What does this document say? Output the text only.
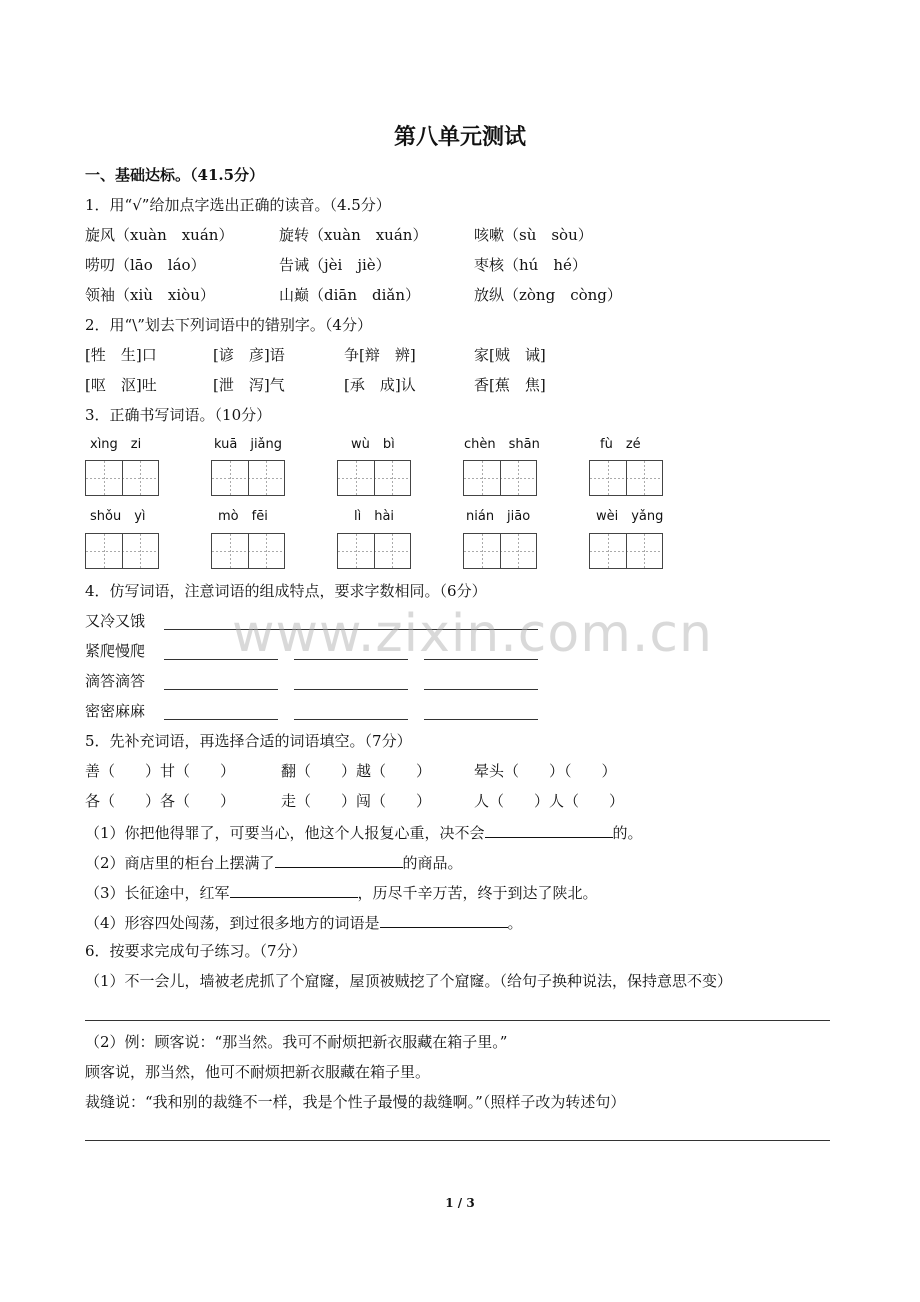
第八单元测试
一、基础达标。（41.5分）
1．用“√”给加点字选出正确的读音。（4.5分）
旋风（xuàn　xuán）	旋转（xuàn　xuán）	咳嗽（sù　sòu）
唠叨（lāo　láo）	告诫（jèi　jiè）	枣核（hú　hé）
领袖（xiù　xiòu）	山巅（diān　diǎn）	放纵（zòng　còng）
2．用“\”划去下列词语中的错别字。（4分）
[牲　生]口	[谚　彦]语	争[辩　辨]	家[贼　诫]
[呕　沤]吐	[泄　泻]气	[承　成]认	香[蕉　焦]
3．正确书写词语。（10分）
xìng　zi	kuā　jiǎng	wù　bì	chèn　shān	fù　zé
shǒu　yì	mò　fēi	lì　hài	nián　jiāo	wèi　yǎng
4．仿写词语，注意词语的组成特点，要求字数相同。（6分）
又冷又饿
紧爬慢爬
滴答滴答
密密麻麻
5．先补充词语，再选择合适的词语填空。（7分）
善（　　）甘（　　）	翻（　　）越（　　）	晕头（　　）（　　）
各（　　）各（　　）	走（　　）闯（　　）	人（　　）人（　　）
（1）你把他得罪了，可要当心，他这个人报复心重，决不会	的。
（2）商店里的柜台上摆满了	的商品。
（3）长征途中，红军	，历尽千辛万苦，终于到达了陕北。
（4）形容四处闯荡，到过很多地方的词语是	。
6．按要求完成句子练习。（7分）
（1）不一会儿，墙被老虎抓了个窟窿，屋顶被贼挖了个窟窿。（给句子换种说法，保持意思不变）
（2）例：顾客说：“那当然。我可不耐烦把新衣服藏在箱子里。”
顾客说，那当然，他可不耐烦把新衣服藏在箱子里。
裁缝说：“我和别的裁缝不一样，我是个性子最慢的裁缝啊。”（照样子改为转述句）
www.zixin.com.cn
1 / 3
